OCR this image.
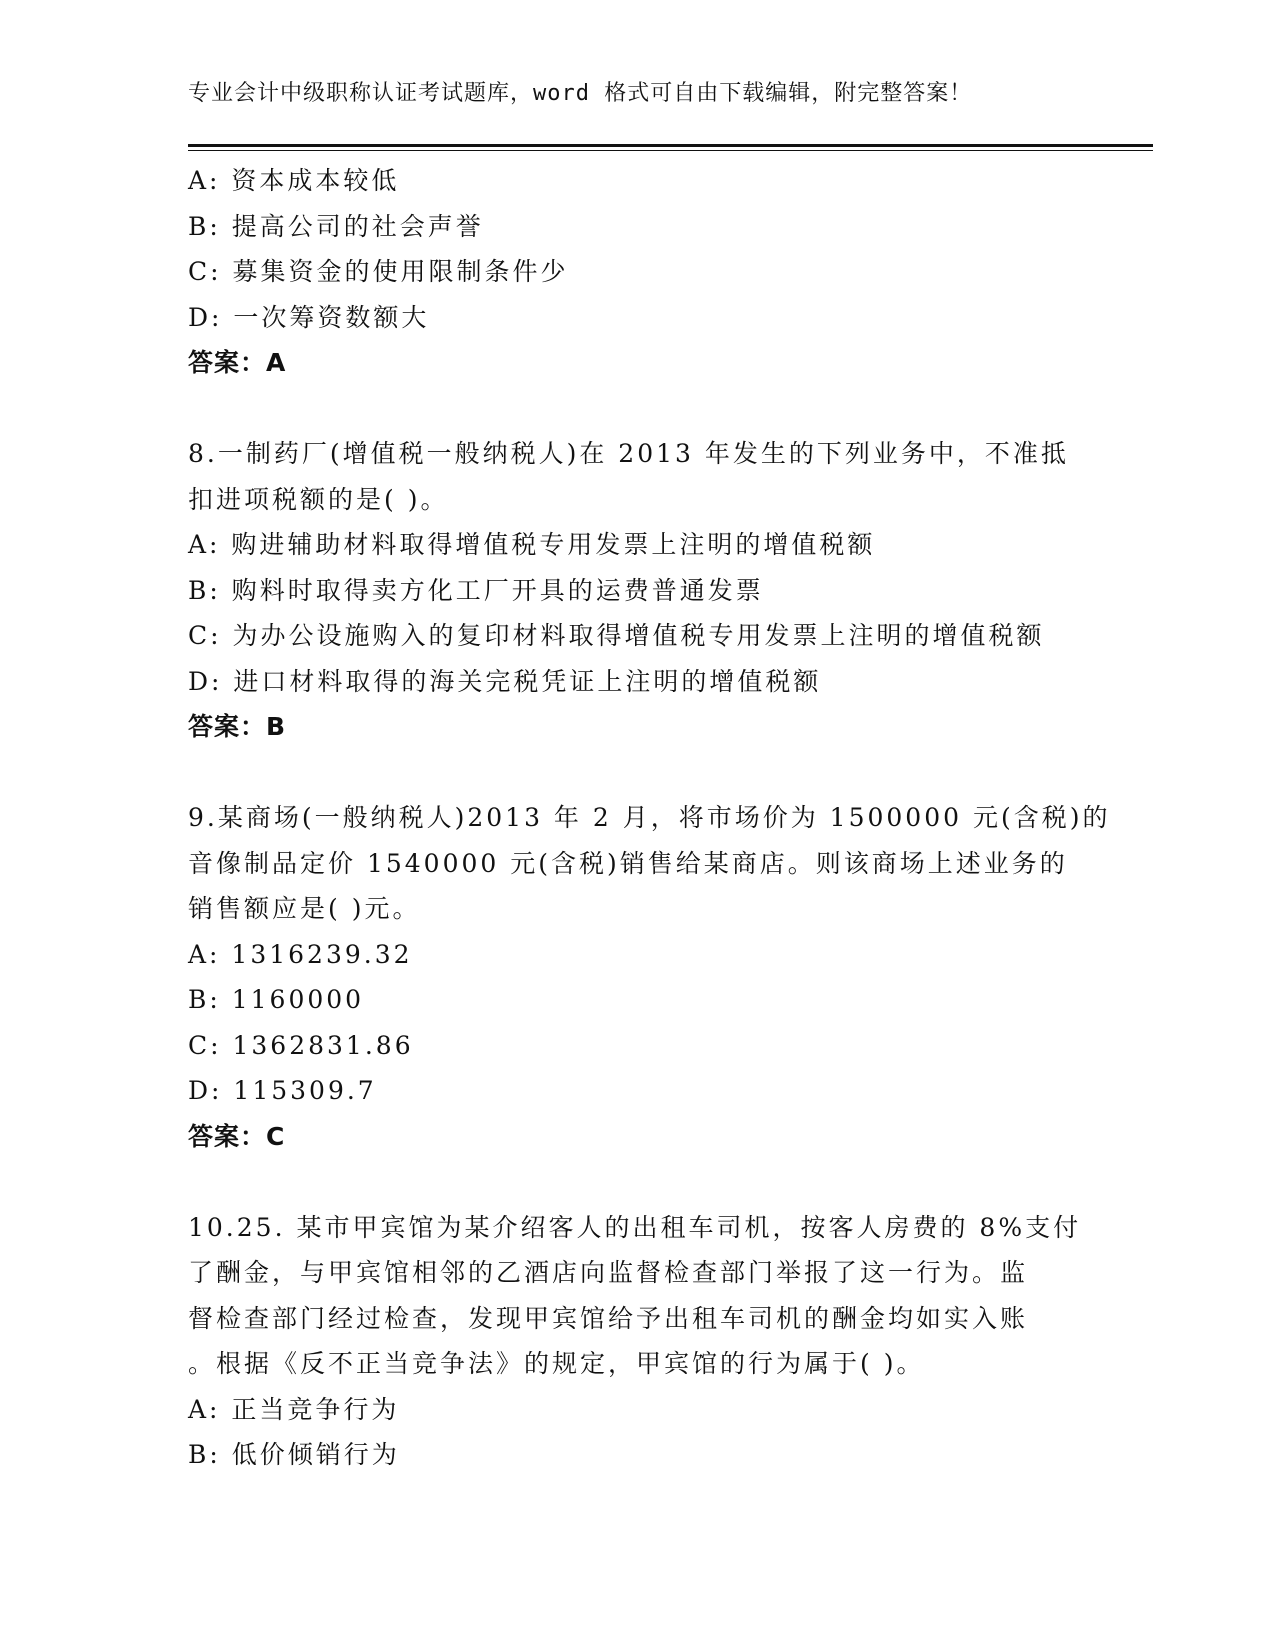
专业会计中级职称认证考试题库，word 格式可自由下载编辑，附完整答案！
A: 资本成本较低
B: 提高公司的社会声誉
C: 募集资金的使用限制条件少
D: 一次筹资数额大
答案：A
8.一制药厂(增值税一般纳税人)在 2013 年发生的下列业务中，不准抵
扣进项税额的是( )。
A: 购进辅助材料取得增值税专用发票上注明的增值税额
B: 购料时取得卖方化工厂开具的运费普通发票
C: 为办公设施购入的复印材料取得增值税专用发票上注明的增值税额
D: 进口材料取得的海关完税凭证上注明的增值税额
答案：B
9.某商场(一般纳税人)2013 年 2 月，将市场价为 1500000 元(含税)的
音像制品定价 1540000 元(含税)销售给某商店。则该商场上述业务的
销售额应是( )元。
A: 1316239.32
B: 1160000
C: 1362831.86
D: 115309.7
答案：C
10.25. 某市甲宾馆为某介绍客人的出租车司机，按客人房费的 8%支付
了酬金，与甲宾馆相邻的乙酒店向监督检查部门举报了这一行为。监
督检查部门经过检查，发现甲宾馆给予出租车司机的酬金均如实入账
。根据《反不正当竞争法》的规定，甲宾馆的行为属于( )。
A: 正当竞争行为
B: 低价倾销行为
